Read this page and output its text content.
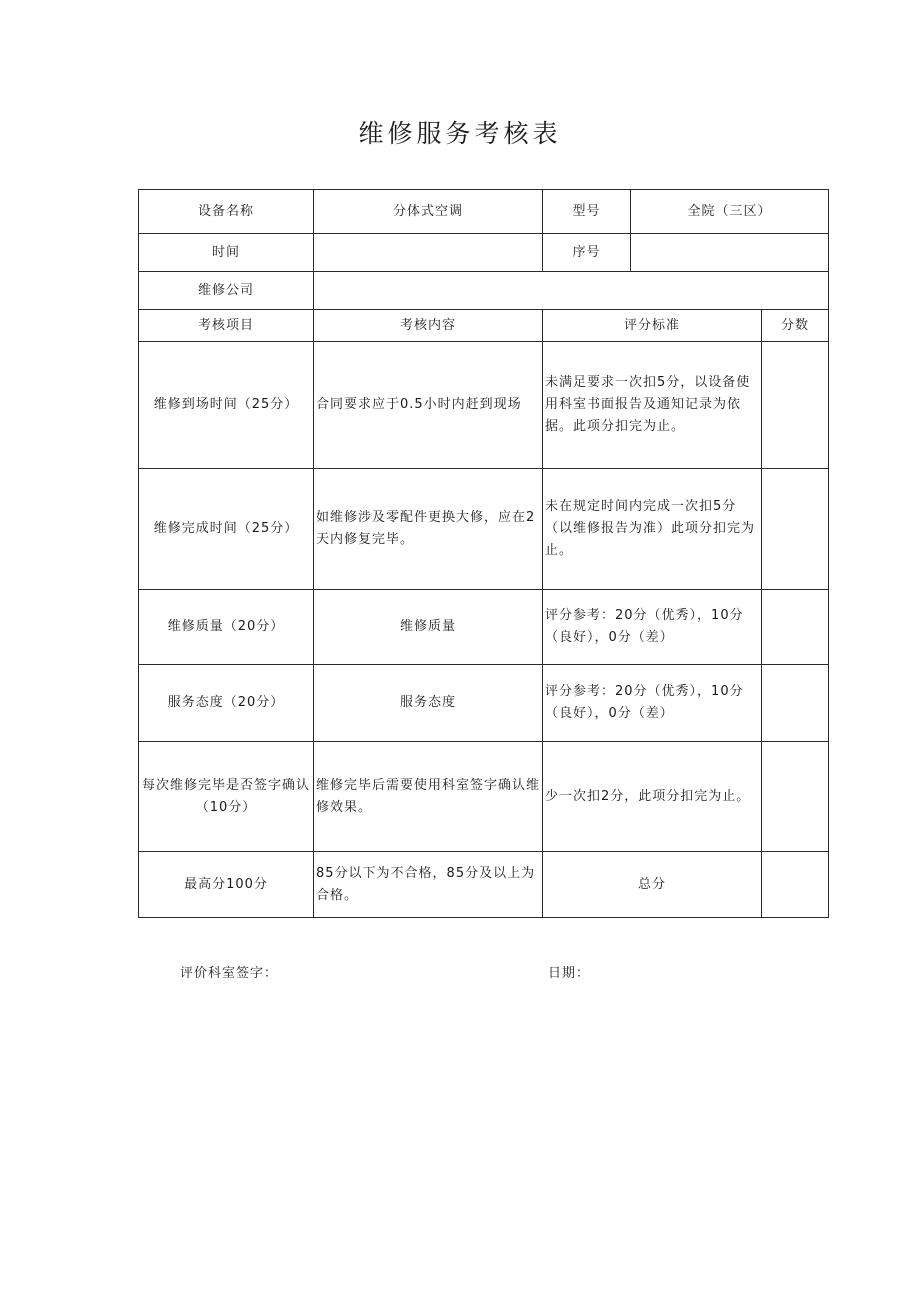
维修服务考核表
设备名称	分体式空调	型号	全院（三区）	
时间		序号		
维修公司				
考核项目	考核内容	评分标准		分数
维修到场时间（25分）	合同要求应于0.5小时内赶到现场	未满足要求一次扣5分，以设备使用科室书面报告及通知记录为依据。此项分扣完为止。		
维修完成时间（25分）	如维修涉及零配件更换大修，应在2天内修复完毕。	未在规定时间内完成一次扣5分（以维修报告为准）此项分扣完为止。		
维修质量（20分）	维修质量	评分参考：20分（优秀），10分（良好），0分（差）		
服务态度（20分）	服务态度	评分参考：20分（优秀），10分（良好），0分（差）		
每次维修完毕是否签字确认（10分）	维修完毕后需要使用科室签字确认维修效果。	少一次扣2分，此项分扣完为止。		
最高分100分	85分以下为不合格，85分及以上为合格。	总分		
评价科室签字：	日期：
